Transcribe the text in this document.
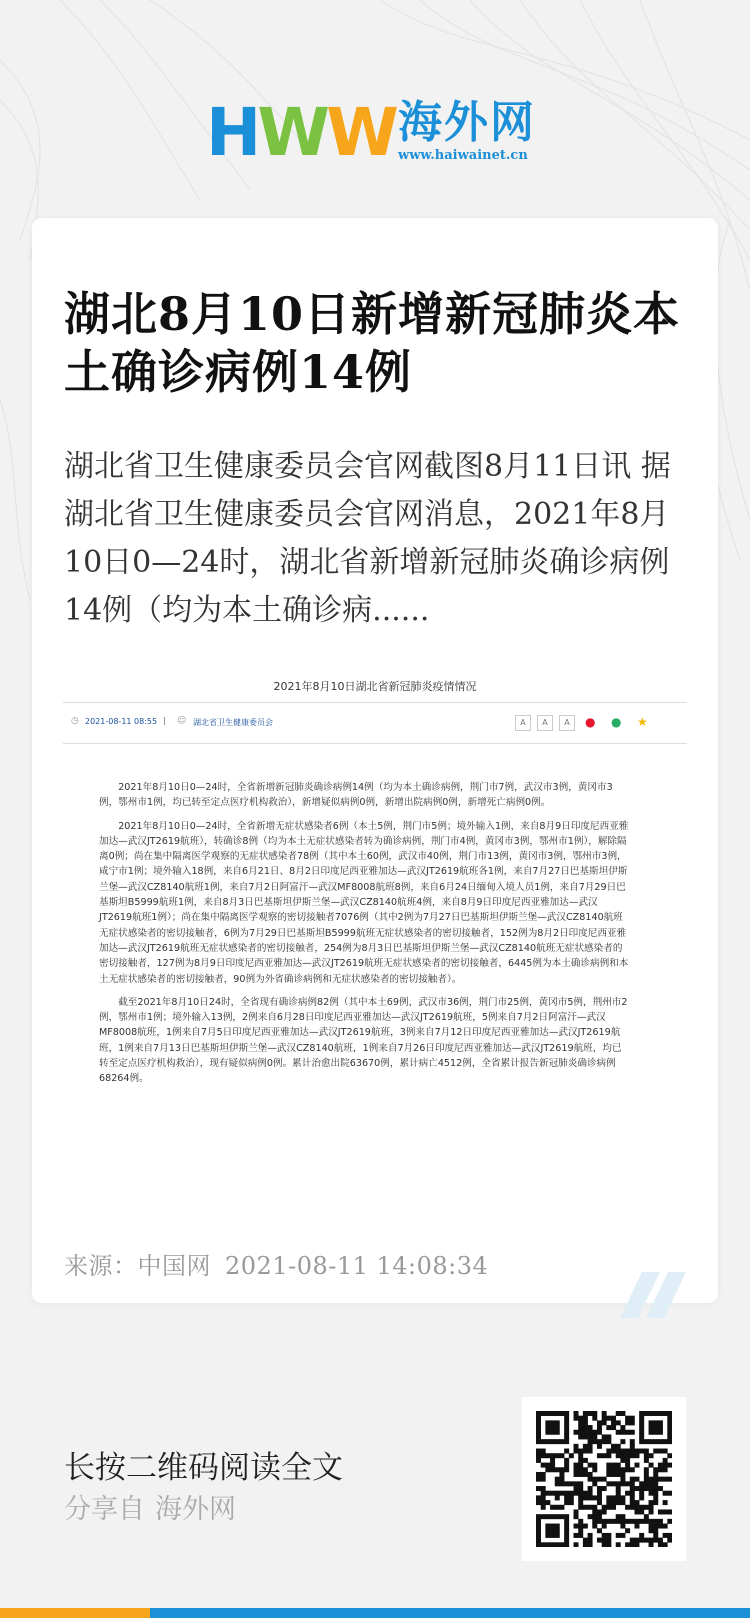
HWW 海外网
www.haiwainet.cn
湖北8月10日新增新冠肺炎本土确诊病例14例

湖北省卫生健康委员会官网截图8月11日讯 据湖北省卫生健康委员会官网消息，2021年8月10日0—24时，湖北省新增新冠肺炎确诊病例14例（均为本土确诊病......

2021年8月10日湖北省新冠肺炎疫情情况
◷ 2021-08-11 08:55 | ☺ 湖北省卫生健康委员会	A	A	A	● ● ★

2021年8月10日0—24时，全省新增新冠肺炎确诊病例14例（均为本土确诊病例，荆门市7例，武汉市3例，黄冈市3例，鄂州市1例，均已转至定点医疗机构救治），新增疑似病例0例，新增出院病例0例，新增死亡病例0例。

2021年8月10日0—24时，全省新增无症状感染者6例（本土5例，荆门市5例；境外输入1例，来自8月9日印度尼西亚雅加达—武汉JT2619航班），转确诊8例（均为本土无症状感染者转为确诊病例，荆门市4例，黄冈市3例，鄂州市1例），解除隔离0例；尚在集中隔离医学观察的无症状感染者78例（其中本土60例，武汉市40例，荆门市13例，黄冈市3例，鄂州市3例，咸宁市1例；境外输入18例，来自6月21日、8月2日印度尼西亚雅加达—武汉JT2619航班各1例，来自7月27日巴基斯坦伊斯兰堡—武汉CZ8140航班1例，来自7月2日阿富汗—武汉MF8008航班8例，来自6月24日缅甸入境人员1例，来自7月29日巴基斯坦B5999航班1例，来自8月3日巴基斯坦伊斯兰堡—武汉CZ8140航班4例，来自8月9日印度尼西亚雅加达—武汉JT2619航班1例）；尚在集中隔离医学观察的密切接触者7076例（其中2例为7月27日巴基斯坦伊斯兰堡—武汉CZ8140航班无症状感染者的密切接触者，6例为7月29日巴基斯坦B5999航班无症状感染者的密切接触者，152例为8月2日印度尼西亚雅加达—武汉JT2619航班无症状感染者的密切接触者，254例为8月3日巴基斯坦伊斯兰堡—武汉CZ8140航班无症状感染者的密切接触者，127例为8月9日印度尼西亚雅加达—武汉JT2619航班无症状感染者的密切接触者，6445例为本土确诊病例和本土无症状感染者的密切接触者，90例为外省确诊病例和无症状感染者的密切接触者）。

截至2021年8月10日24时，全省现有确诊病例82例（其中本土69例，武汉市36例，荆门市25例，黄冈市5例，荆州市2例，鄂州市1例；境外输入13例，2例来自6月28日印度尼西亚雅加达—武汉JT2619航班，5例来自7月2日阿富汗—武汉MF8008航班，1例来自7月5日印度尼西亚雅加达—武汉JT2619航班，3例来自7月12日印度尼西亚雅加达—武汉JT2619航班，1例来自7月13日巴基斯坦伊斯兰堡—武汉CZ8140航班，1例来自7月26日印度尼西亚雅加达—武汉JT2619航班，均已转至定点医疗机构救治），现有疑似病例0例。累计治愈出院63670例，累计病亡4512例，全省累计报告新冠肺炎确诊病例68264例。

来源：中国网 2021-08-11 14:08:34
长按二维码阅读全文
分享自 海外网
